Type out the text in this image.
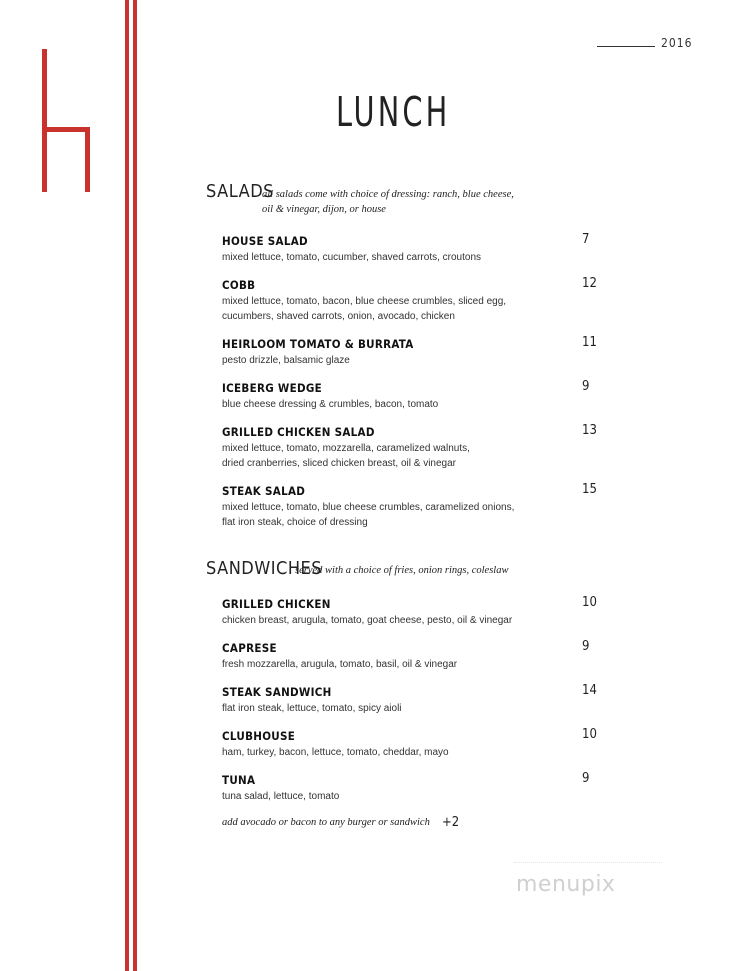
2016
LUNCH
SALADS
all salads come with choice of dressing: ranch, blue cheese,
oil & vinegar, dijon, or house
HOUSE SALAD
mixed lettuce, tomato, cucumber, shaved carrots, croutons
7
COBB
mixed lettuce, tomato, bacon, blue cheese crumbles, sliced egg,
cucumbers, shaved carrots, onion, avocado, chicken
12
HEIRLOOM TOMATO & BURRATA
pesto drizzle, balsamic glaze
11
ICEBERG WEDGE
blue cheese dressing & crumbles, bacon, tomato
9
GRILLED CHICKEN SALAD
mixed lettuce, tomato, mozzarella, caramelized walnuts,
dried cranberries, sliced chicken breast, oil & vinegar
13
STEAK SALAD
mixed lettuce, tomato, blue cheese crumbles, caramelized onions,
flat iron steak, choice of dressing
15
SANDWICHES
served with a choice of fries, onion rings, coleslaw
GRILLED CHICKEN
chicken breast, arugula, tomato, goat cheese, pesto, oil & vinegar
10
CAPRESE
fresh mozzarella, arugula, tomato, basil, oil & vinegar
9
STEAK SANDWICH
flat iron steak, lettuce, tomato, spicy aioli
14
CLUBHOUSE
ham, turkey, bacon, lettuce, tomato, cheddar, mayo
10
TUNA
tuna salad, lettuce, tomato
9
add avocado or bacon to any burger or sandwich +2
menupix
